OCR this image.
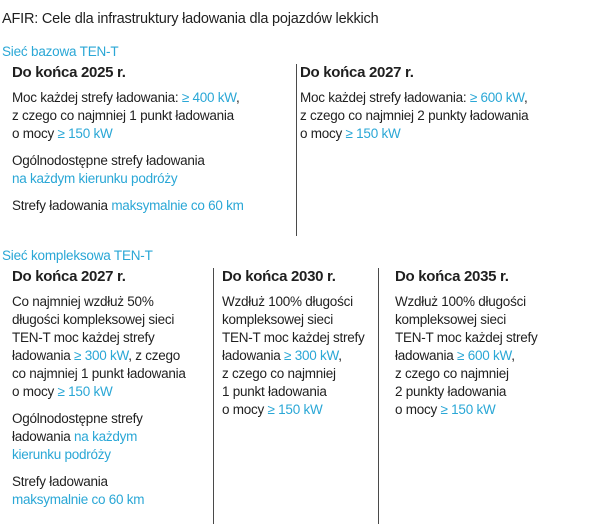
AFIR: Cele dla infrastruktury ładowania dla pojazdów lekkich
Sieć bazowa TEN-T
Do końca 2025 r.
Moc każdej strefy ładowania: ≥ 400 kW,
z czego co najmniej 1 punkt ładowania
o mocy ≥ 150 kW
Ogólnodostępne strefy ładowania
na każdym kierunku podróży
Strefy ładowania maksymalnie co 60 km
Do końca 2027 r.
Moc każdej strefy ładowania: ≥ 600 kW,
z czego co najmniej 2 punkty ładowania
o mocy ≥ 150 kW
Sieć kompleksowa TEN-T
Do końca 2027 r.
Co najmniej wzdłuż 50%
długości kompleksowej sieci
TEN-T moc każdej strefy
ładowania ≥ 300 kW, z czego
co najmniej 1 punkt ładowania
o mocy ≥ 150 kW
Ogólnodostępne strefy
ładowania na każdym
kierunku podróży
Strefy ładowania
maksymalnie co 60 km
Do końca 2030 r.
Wzdłuż 100% długości
kompleksowej sieci
TEN-T moc każdej strefy
ładowania ≥ 300 kW,
z czego co najmniej
1 punkt ładowania
o mocy ≥ 150 kW
Do końca 2035 r.
Wzdłuż 100% długości
kompleksowej sieci
TEN-T moc każdej strefy
ładowania ≥ 600 kW,
z czego co najmniej
2 punkty ładowania
o mocy ≥ 150 kW
